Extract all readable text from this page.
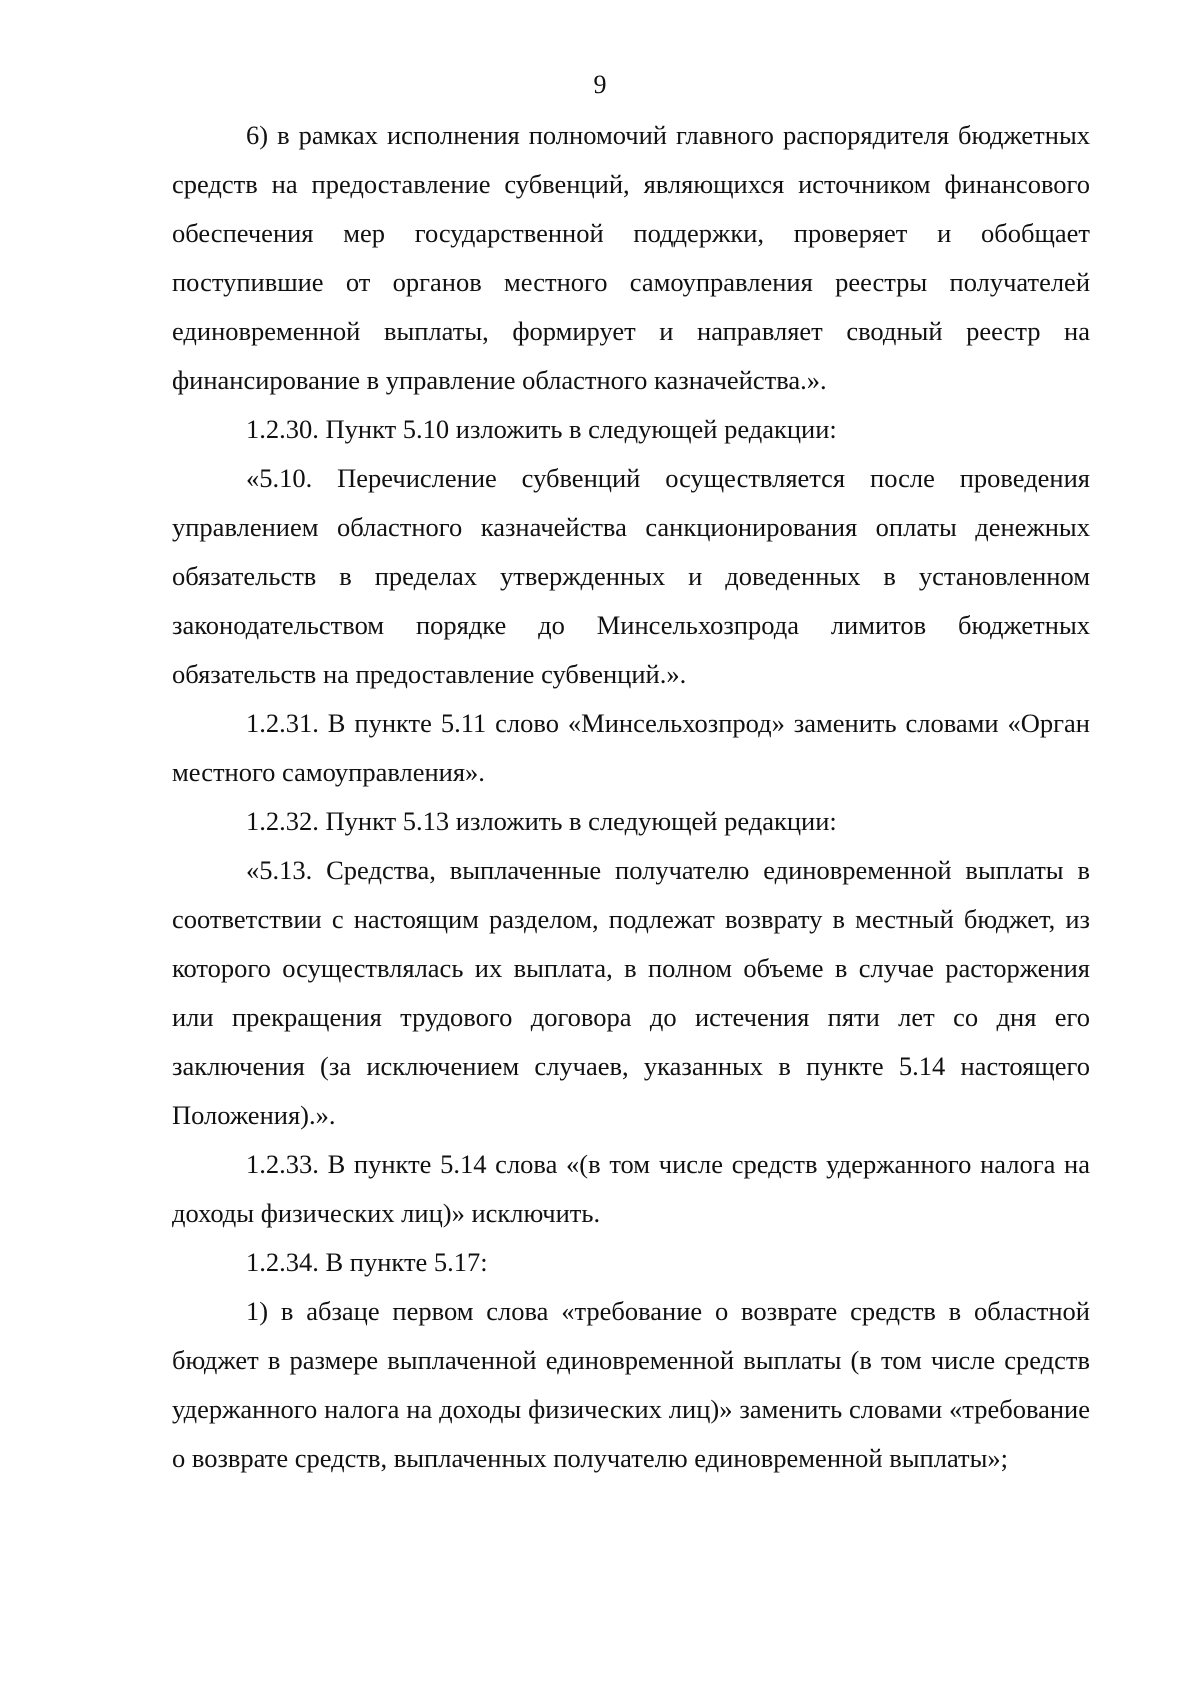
9

6) в рамках исполнения полномочий главного распорядителя бюджетных средств на предоставление субвенций, являющихся источником финансового обеспечения мер государственной поддержки, проверяет и обобщает поступившие от органов местного самоуправления реестры получателей единовременной выплаты, формирует и направляет сводный реестр на финансирование в управление областного казначейства.».

1.2.30. Пункт 5.10 изложить в следующей редакции:

«5.10. Перечисление субвенций осуществляется после проведения управлением областного казначейства санкционирования оплаты денежных обязательств в пределах утвержденных и доведенных в установленном законодательством порядке до Минсельхозпрода лимитов бюджетных обязательств на предоставление субвенций.».

1.2.31. В пункте 5.11 слово «Минсельхозпрод» заменить словами «Орган местного самоуправления».

1.2.32. Пункт 5.13 изложить в следующей редакции:

«5.13. Средства, выплаченные получателю единовременной выплаты в соответствии с настоящим разделом, подлежат возврату в местный бюджет, из которого осуществлялась их выплата, в полном объеме в случае расторжения или прекращения трудового договора до истечения пяти лет со дня его заключения (за исключением случаев, указанных в пункте 5.14 настоящего Положения).».

1.2.33. В пункте 5.14 слова «(в том числе средств удержанного налога на доходы физических лиц)» исключить.

1.2.34. В пункте 5.17:

1) в абзаце первом слова «требование о возврате средств в областной бюджет в размере выплаченной единовременной выплаты (в том числе средств удержанного налога на доходы физических лиц)» заменить словами «требование о возврате средств, выплаченных получателю единовременной выплаты»;
